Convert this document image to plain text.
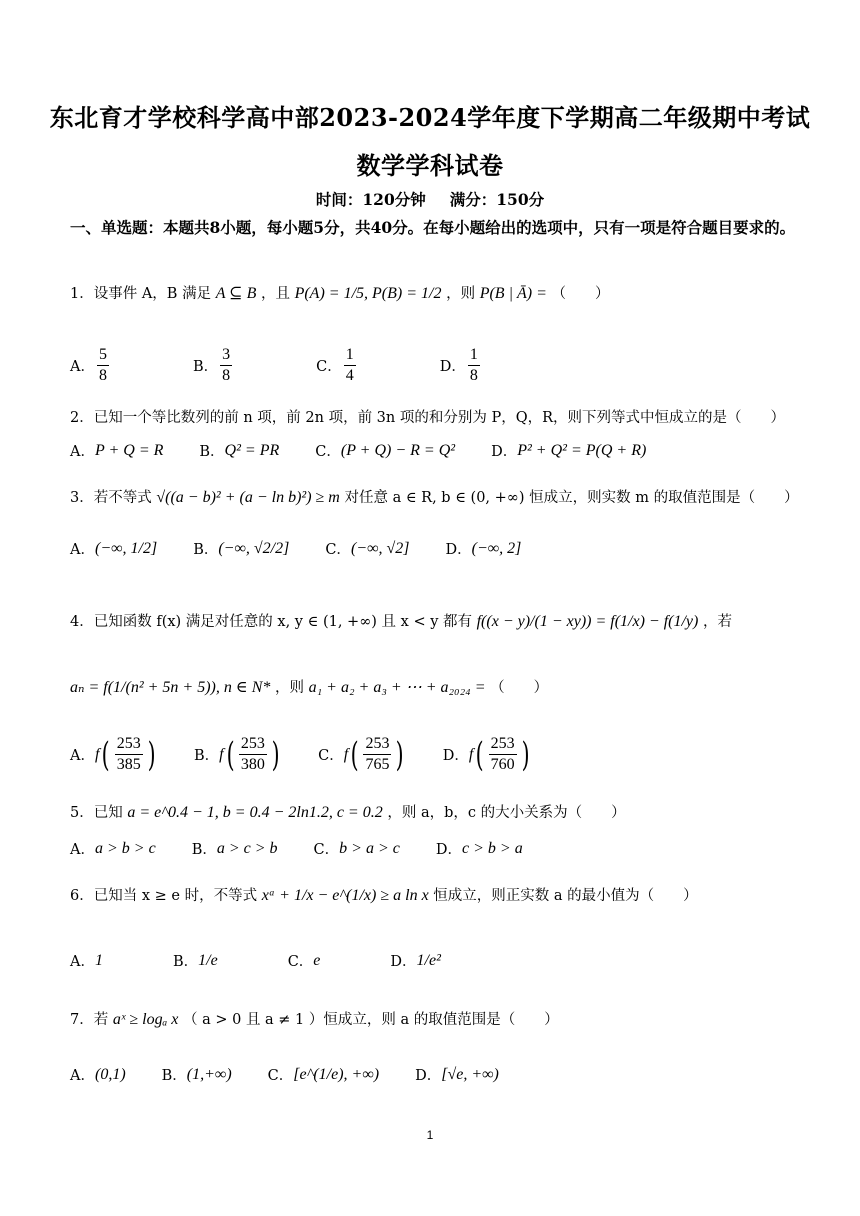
东北育才学校科学高中部2023-2024学年度下学期高二年级期中考试
数学学科试卷
时间：120分钟 满分：150分
一、单选题：本题共8小题，每小题5分，共40分。在每小题给出的选项中，只有一项是符合题目要求的。
1．设事件 A，B 满足 A ⊆ B ，且 P(A) = 1/5, P(B) = 1/2 ，则 P(B | Ā) = （　　）
A． $\frac{5}{8}$	B． $\frac{3}{8}$	C． $\frac{1}{4}$	D． $\frac{1}{8}$
2．已知一个等比数列的前 n 项，前 2n 项，前 3n 项的和分别为 P，Q，R，则下列等式中恒成立的是（　　）
A． P + Q = R B． Q² = PR C． (P + Q) − R = Q² D． P² + Q² = P(Q + R)
3．若不等式 √((a − b)² + (a − ln b)²) ≥ m 对任意 a ∈ R, b ∈ (0, +∞) 恒成立，则实数 m 的取值范围是（　　）
A． (−∞, 1/2] B． (−∞, √2/2] C． (−∞, √2] D． (−∞, 2]
4．已知函数 f(x) 满足对任意的 x, y ∈ (1, +∞) 且 x < y 都有 f((x − y)/(1 − xy)) = f(1/x) − f(1/y) ，若
aₙ = f(1/(n² + 5n + 5)), n ∈ N* ，则 a₁ + a₂ + a₃ + ⋯ + a₂₀₂₄ = （　　）
A． f ( $\frac{253}{385}$ )	B． f ( $\frac{253}{380}$ )	C． f ( $\frac{253}{765}$ )	D． f ( $\frac{253}{760}$ )
5．已知 a = e^0.4 − 1, b = 0.4 − 2ln1.2, c = 0.2 ，则 a，b，c 的大小关系为（　　）
A． a > b > c B． a > c > b C． b > a > c D． c > b > a
6．已知当 x ≥ e 时，不等式 xᵃ + 1/x − e^(1/x) ≥ a ln x 恒成立，则正实数 a 的最小值为（　　）
A． 1	B． 1/e	C． e	D． 1/e²
7．若 aˣ ≥ logₐ x （ a > 0 且 a ≠ 1 ）恒成立，则 a 的取值范围是（　　）
A． (0,1) B． (1,+∞) C． [e^(1/e), +∞) D． [√e, +∞)
1
